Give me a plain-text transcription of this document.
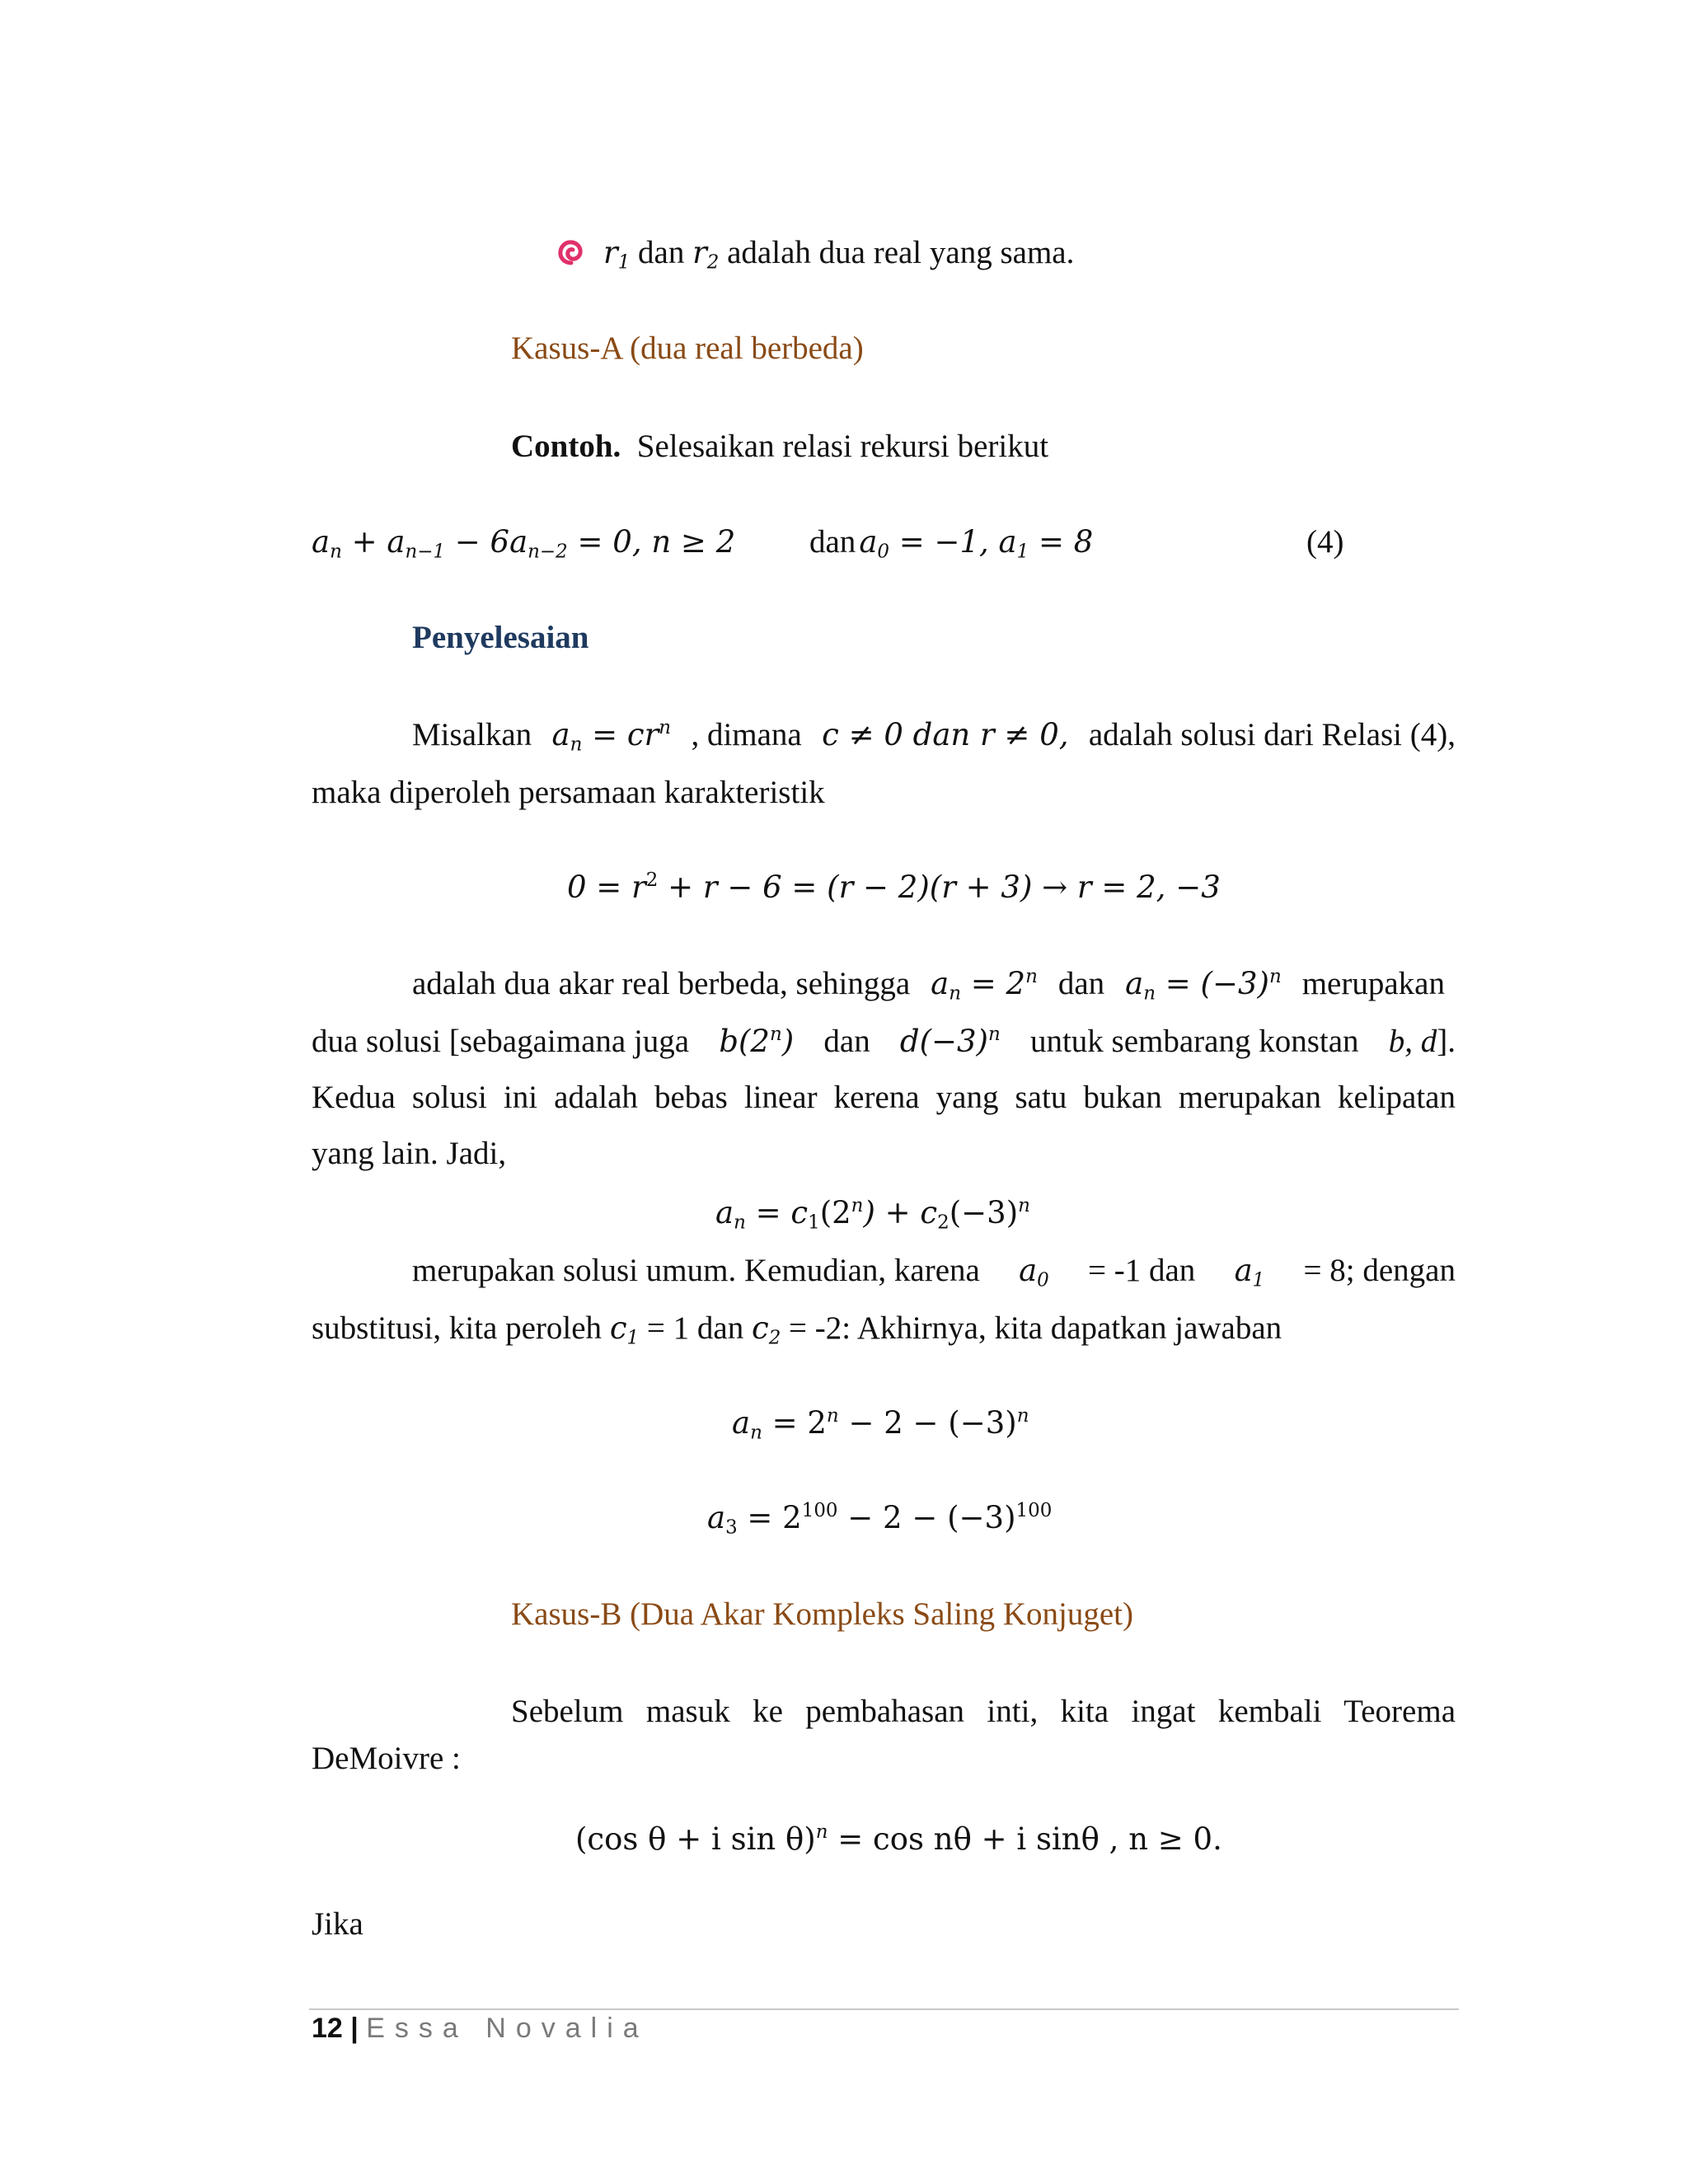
$r_1$ dan $r_2$ adalah dua real yang sama.
Kasus-A (dua real berbeda)
Contoh. Selesaikan relasi rekursi berikut
$a_n + a_{n-1} - 6a_{n-2} = 0$, n ≥ 2 dan $a_0 = -1$, $a_1 = 8$	(4)
Penyelesaian
Misalkan $a_n = cr^n$ , dimana c ≠ 0 dan r ≠ 0, adalah solusi dari Relasi (4),
maka diperoleh persamaan karakteristik
$0 = r^2 + r - 6 = (r - 2)(r + 3) \to r = 2$, −3
adalah dua akar real berbeda, sehingga $a_n = 2^n$ dan $a_n = (-3)^n$ merupakan
dua solusi [sebagaimana juga b(2$^n$) dan $d(-3)^n$ untuk sembarang konstan b, d].
Kedua solusi ini adalah bebas linear kerena yang satu bukan merupakan kelipatan
yang lain. Jadi,
$a_n = c_1(2^n) + c_2(-3)^n$
merupakan solusi umum. Kemudian, karena $a_0 = -1$ dan $a_1 = 8$; dengan
substitusi, kita peroleh $c_1 = 1$ dan $c_2 = -2$: Akhirnya, kita dapatkan jawaban
$a_n = 2^n - 2 - (-3)^n$
$a_3 = 2^{100} - 2 - (-3)^{100}$
Kasus-B (Dua Akar Kompleks Saling Konjuget)
Sebelum masuk ke pembahasan inti, kita ingat kembali Teorema
DeMoivre :
(cos θ + i sin θ)$^n$ = cos nθ + i sinθ , n ≥ 0.
Jika
12 | Essa Novalia
